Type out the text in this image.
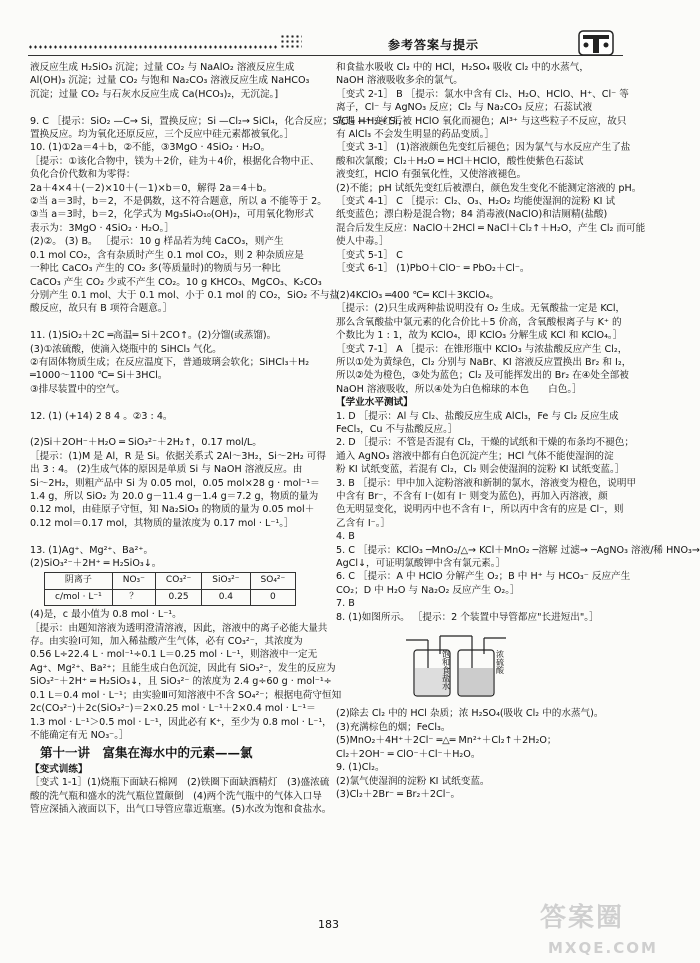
参考答案与提示

液反应生成 H₂SiO₃ 沉淀；过量 CO₂ 与 NaAlO₂ 溶液反应生成

Al(OH)₃ 沉淀；过量 CO₂ 与饱和 Na₂CO₃ 溶液反应生成 NaHCO₃

沉淀；过量 CO₂ 与石灰水反应生成 Ca(HCO₃)₂，无沉淀。]

9. C ［提示：SiO₂ —C→ Si，置换反应；Si —Cl₂→ SiCl₄，化合反应；SiCl₄ —H₂→ Si，

置换反应。均为氧化还原反应，三个反应中硅元素都被氧化。］

10. (1)①2a＝4＋b，②不能，③3MgO · 4SiO₂ · H₂O。

［提示：①该化合物中，镁为＋2价，硅为＋4价，根据化合物中正、

负化合价代数和为零得：

2a＋4×4＋(－2)×10＋(－1)×b＝0，解得 2a＝4＋b。

②当 a＝3时，b＝2，不是偶数，这不符合题意，所以 a 不能等于 2。

③当 a＝3时，b＝2，化学式为 Mg₃Si₄O₁₀(OH)₂，可用氧化物形式

表示为：3MgO · 4SiO₂ · H₂O。］

(2)②。 (3) B。 ［提示：10 g 样品若为纯 CaCO₃，则产生

0.1 mol CO₂，含有杂质时产生 0.1 mol CO₂，则 2 种杂质应是

一种比 CaCO₃ 产生的 CO₂ 多(等质量时)的物质与另一种比

CaCO₃ 产生 CO₂ 少或不产生 CO₂。10 g KHCO₃、MgCO₃、K₂CO₃

分别产生 0.1 mol、大于 0.1 mol、小于 0.1 mol 的 CO₂，SiO₂ 不与盐

酸反应，故只有 B 项符合题意。］

11. (1)SiO₂＋2C ═高温═ Si＋2CO↑。(2)分馏(或蒸馏)。

(3)①浓硫酸，使滴入烧瓶中的 SiHCl₃ 气化。

②有固体物质生成；在反应温度下，普通玻璃会软化；SiHCl₃＋H₂

═1000～1100 ℃═ Si＋3HCl。

③排尽装置中的空气。

12. (1) (+14) 2 8 4 。②3 : 4。

(2)Si＋2OH⁻＋H₂O ═ SiO₃²⁻＋2H₂↑，0.17 mol/L。

［提示：(1)M 是 Al，R 是 Si。依据关系式 2Al～3H₂，Si～2H₂ 可得

出 3 : 4。 (2)生成气体的原因是单质 Si 与 NaOH 溶液反应。由

Si～2H₂，则粗产品中 Si 为 0.05 mol，0.05 mol×28 g · mol⁻¹＝

1.4 g，所以 SiO₂ 为 20.0 g－11.4 g－1.4 g＝7.2 g，物质的量为

0.12 mol，由硅原子守恒，知 Na₂SiO₃ 的物质的量为 0.05 mol＋

0.12 mol＝0.17 mol，其物质的量浓度为 0.17 mol · L⁻¹。］

13. (1)Ag⁺、Mg²⁺、Ba²⁺。

(2)SiO₃²⁻＋2H⁺ ═ H₂SiO₃↓。

阴离子	NO₃⁻	CO₃²⁻	SiO₃²⁻	SO₄²⁻
c/mol · L⁻¹	？	0.25	0.4	0

(4)是，c 最小值为 0.8 mol · L⁻¹。

［提示：由题知溶液为透明澄清溶液，因此，溶液中的离子必能大量共

存。由实验Ⅰ可知，加入稀盐酸产生气体，必有 CO₃²⁻，其浓度为

0.56 L÷22.4 L · mol⁻¹÷0.1 L＝0.25 mol · L⁻¹，则溶液中一定无

Ag⁺、Mg²⁺、Ba²⁺；且能生成白色沉淀，因此有 SiO₃²⁻，发生的反应为

SiO₃²⁻＋2H⁺ ═ H₂SiO₃↓，且 SiO₃²⁻ 的浓度为 2.4 g÷60 g · mol⁻¹÷

0.1 L＝0.4 mol · L⁻¹；由实验Ⅲ可知溶液中不含 SO₄²⁻；根据电荷守恒知

2c(CO₃²⁻)＋2c(SiO₃²⁻)＝2×0.25 mol · L⁻¹＋2×0.4 mol · L⁻¹＝

1.3 mol · L⁻¹＞0.5 mol · L⁻¹，因此必有 K⁺，至少为 0.8 mol · L⁻¹，

不能确定有无 NO₃⁻。］

第十一讲　富集在海水中的元素——氯

【变式训练】

［变式 1-1］(1)烧瓶下面缺石棉网　(2)铁圈下面缺酒精灯　(3)盛浓硫

酸的洗气瓶和盛水的洗气瓶位置颠倒　(4)两个洗气瓶中的气体入口导

管应深插入液面以下，出气口导管应靠近瓶塞。(5)水改为饱和食盐水。

和食盐水吸收 Cl₂ 中的 HCl，H₂SO₄ 吸收 Cl₂ 中的水蒸气，

NaOH 溶液吸收多余的氯气。

［变式 2-1］ B ［提示：氯水中含有 Cl₂、H₂O、HClO、H⁺、Cl⁻ 等

离子，Cl⁻ 与 AgNO₃ 反应；Cl₂ 与 Na₂CO₃ 反应；石蕊试液

先遇 H⁺ 变红后被 HClO 氧化而褪色；Al³⁺ 与这些粒子不反应，故只

有 AlCl₃ 不会发生明显的药品变质。］

［变式 3-1］ (1)溶液颜色先变红后褪色；因为氯气与水反应产生了盐

酸和次氯酸；Cl₂＋H₂O ═ HCl＋HClO，酸性使紫色石蕊试

液变红，HClO 有强氧化性，又使溶液褪色。

(2)不能；pH 试纸先变红后被漂白，颜色发生变化不能测定溶液的 pH。

［变式 4-1］ C ［提示：Cl₂、O₃、H₂O₂ 均能使湿润的淀粉 KI 试

纸变蓝色；漂白粉是混合物；84 消毒液(NaClO)和洁厕精(盐酸)

混合后发生反应：NaClO＋2HCl ═ NaCl＋Cl₂↑＋H₂O，产生 Cl₂ 而可能

使人中毒。］

［变式 5-1］ C

［变式 6-1］ (1)PbO＋ClO⁻ ═ PbO₂＋Cl⁻。

(2)4KClO₃ ═400 ℃═ KCl＋3KClO₄。

［提示：(2)只生成两种盐说明没有 O₂ 生成。无氧酸盐一定是 KCl，

那么含氧酸盐中氯元素的化合价比＋5 价高，含氧酸根离子与 K⁺ 的

个数比为 1 : 1，故为 KClO₄，即 KClO₃ 分解生成 KCl 和 KClO₄。］

［变式 7-1］ A ［提示：在锥形瓶中 KClO₃ 与浓盐酸反应产生 Cl₂，

所以①处为黄绿色，Cl₂ 分别与 NaBr、KI 溶液反应置换出 Br₂ 和 I₂，

所以②处为橙色，③处为蓝色；Cl₂ 及可能挥发出的 Br₂ 在④处全部被

NaOH 溶液吸收，所以④处为白色棉球的本色　　白色。］

【学业水平测试】

1. D ［提示：Al 与 Cl₂、盐酸反应生成 AlCl₃，Fe 与 Cl₂ 反应生成

FeCl₃，Cu 不与盐酸反应。］

2. D ［提示：不管是否混有 Cl₂，干燥的试纸和干燥的布条均不褪色；

通入 AgNO₃ 溶液中都有白色沉淀产生；HCl 气体不能使湿润的淀

粉 KI 试纸变蓝，若混有 Cl₂，Cl₂ 则会使湿润的淀粉 KI 试纸变蓝。］

3. B ［提示：甲中加入淀粉溶液和新制的氯水，溶液变为橙色，说明甲

中含有 Br⁻，不含有 I⁻(如有 I⁻ 则变为蓝色)，再加入丙溶液，颜

色无明显变化，说明丙中也不含有 I⁻，所以丙中含有的应是 Cl⁻，则

乙含有 I⁻。］

4. B

5. C ［提示：KClO₃ ─MnO₂/△→ KCl＋MnO₂ ─溶解 过滤→ ─AgNO₃ 溶液/稀 HNO₃→

AgCl↓，可证明氯酸钾中含有氯元素。］

6. C ［提示：A 中 HClO 分解产生 O₂；B 中 H⁺ 与 HCO₃⁻ 反应产生

CO₂；D 中 H₂O 与 Na₂O₂ 反应产生 O₂。］

7. B

8. (1)如图所示。 ［提示：2 个装置中导管都应"长进短出"。］

饱和食盐水	浓硫酸

(2)除去 Cl₂ 中的 HCl 杂质；浓 H₂SO₄(吸收 Cl₂ 中的水蒸气)。

(3)充满棕色的烟；FeCl₃。

(5)MnO₂＋4H⁺＋2Cl⁻ ═△═ Mn²⁺＋Cl₂↑＋2H₂O；

Cl₂＋2OH⁻ ═ ClO⁻＋Cl⁻＋H₂O。

9. (1)Cl₂。

(2)氯气使湿润的淀粉 KI 试纸变蓝。

(3)Cl₂＋2Br⁻ ═ Br₂＋2Cl⁻。

183	答案圈
MXQE.COM
